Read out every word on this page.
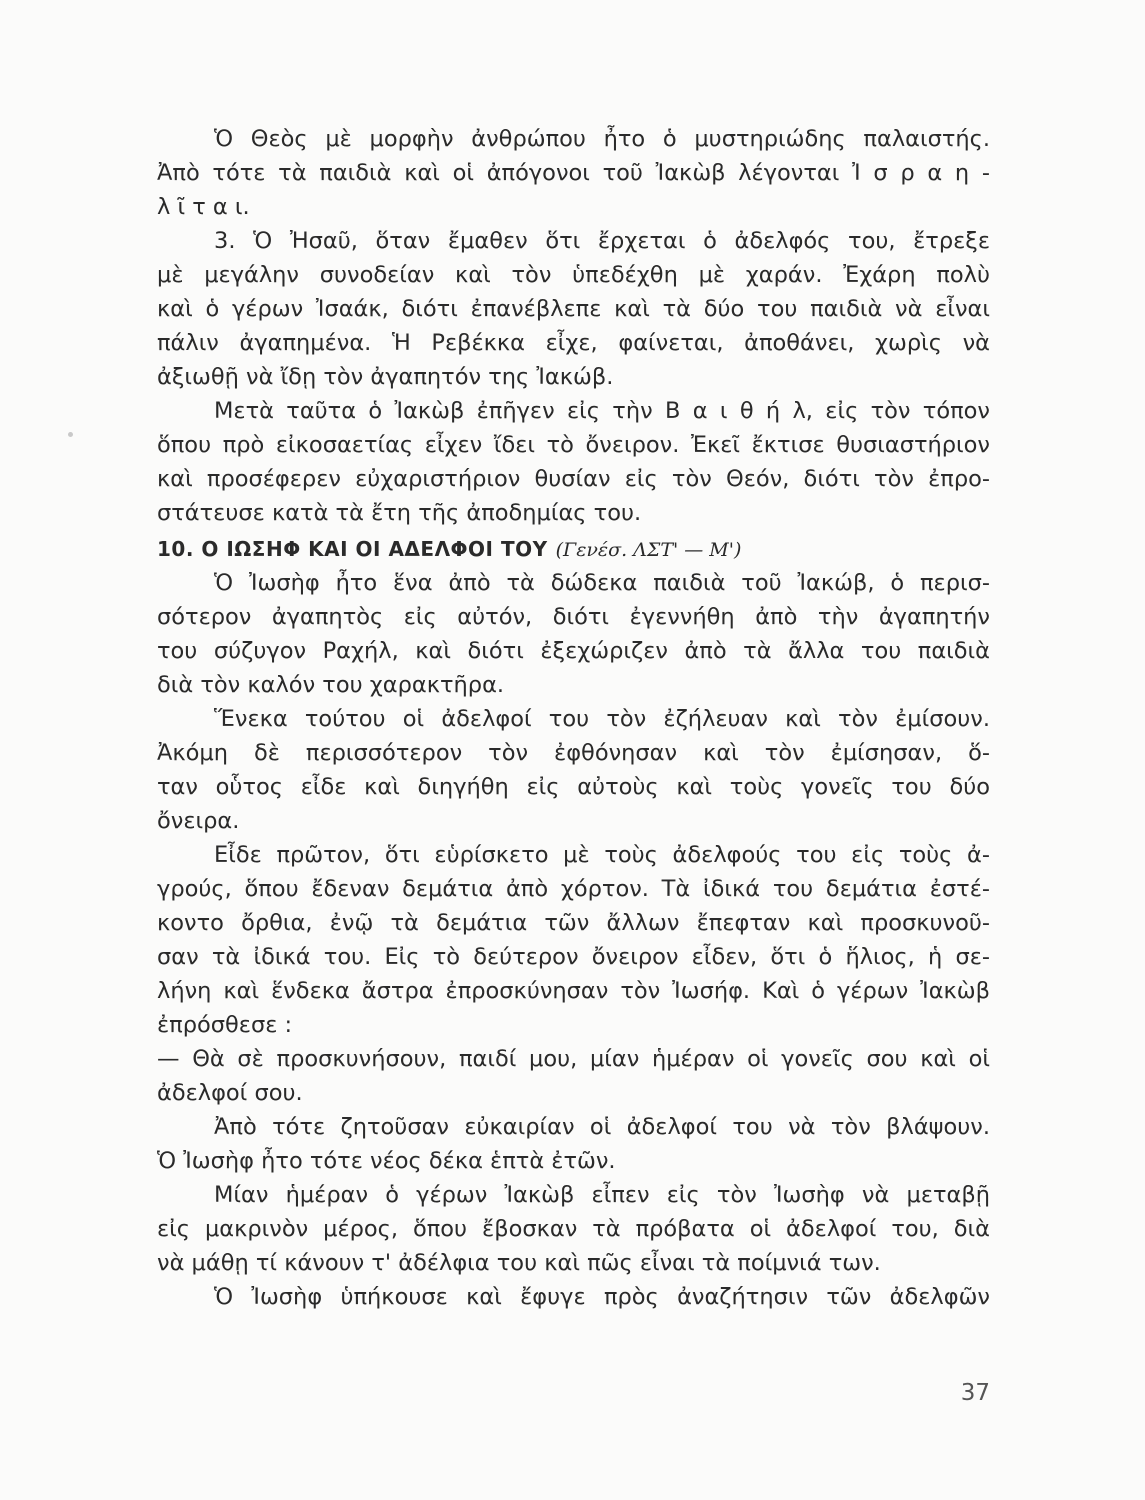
Ὁ Θεὸς μὲ μορφὴν ἀνθρώπου ἦτο ὁ μυστηριώδης παλαιστής.
Ἀπὸ τότε τὰ παιδιὰ καὶ οἱ ἀπόγονοι τοῦ Ἰακὼβ λέγονται Ἰ σ ρ α η -
λ ῖ τ α ι.
3. Ὁ Ἠσαῦ, ὅταν ἔμαθεν ὅτι ἔρχεται ὁ ἀδελφός του, ἔτρεξε
μὲ μεγάλην συνοδείαν καὶ τὸν ὑπεδέχθη μὲ χαράν. Ἐχάρη πολὺ
καὶ ὁ γέρων Ἰσαάκ, διότι ἐπανέβλεπε καὶ τὰ δύο του παιδιὰ νὰ εἶναι
πάλιν ἀγαπημένα. Ἡ Ρεβέκκα εἶχε, φαίνεται, ἀποθάνει, χωρὶς νὰ
ἀξιωθῇ νὰ ἴδῃ τὸν ἀγαπητόν της Ἰακώβ.
Μετὰ ταῦτα ὁ Ἰακὼβ ἐπῆγεν εἰς τὴν Β α ι θ ή λ, εἰς τὸν τόπον
ὅπου πρὸ εἰκοσαετίας εἶχεν ἴδει τὸ ὄνειρον. Ἐκεῖ ἔκτισε θυσιαστήριον
καὶ προσέφερεν εὐχαριστήριον θυσίαν εἰς τὸν Θεόν, διότι τὸν ἐπρο-
στάτευσε κατὰ τὰ ἔτη τῆς ἀποδημίας του.
10. Ο ΙΩΣΗΦ ΚΑΙ ΟΙ ΑΔΕΛΦΟΙ ΤΟΥ (Γενέσ. ΛΣΤ' — Μ')
Ὁ Ἰωσὴφ ἦτο ἕνα ἀπὸ τὰ δώδεκα παιδιὰ τοῦ Ἰακώβ, ὁ περισ-
σότερον ἀγαπητὸς εἰς αὐτόν, διότι ἐγεννήθη ἀπὸ τὴν ἀγαπητήν
του σύζυγον Ραχήλ, καὶ διότι ἐξεχώριζεν ἀπὸ τὰ ἄλλα του παιδιὰ
διὰ τὸν καλόν του χαρακτῆρα.
Ἕνεκα τούτου οἱ ἀδελφοί του τὸν ἐζήλευαν καὶ τὸν ἐμίσουν.
Ἀκόμη δὲ περισσότερον τὸν ἐφθόνησαν καὶ τὸν ἐμίσησαν, ὅ-
ταν οὗτος εἶδε καὶ διηγήθη εἰς αὐτοὺς καὶ τοὺς γονεῖς του δύο
ὄνειρα.
Εἶδε πρῶτον, ὅτι εὑρίσκετο μὲ τοὺς ἀδελφούς του εἰς τοὺς ἀ-
γρούς, ὅπου ἔδεναν δεμάτια ἀπὸ χόρτον. Τὰ ἰδικά του δεμάτια ἐστέ-
κοντο ὄρθια, ἐνῷ τὰ δεμάτια τῶν ἄλλων ἔπεφταν καὶ προσκυνοῦ-
σαν τὰ ἰδικά του. Εἰς τὸ δεύτερον ὄνειρον εἶδεν, ὅτι ὁ ἥλιος, ἡ σε-
λήνη καὶ ἕνδεκα ἄστρα ἐπροσκύνησαν τὸν Ἰωσήφ. Καὶ ὁ γέρων Ἰακὼβ
ἐπρόσθεσε :
— Θὰ σὲ προσκυνήσουν, παιδί μου, μίαν ἡμέραν οἱ γονεῖς σου καὶ οἱ
ἀδελφοί σου.
Ἀπὸ τότε ζητοῦσαν εὐκαιρίαν οἱ ἀδελφοί του νὰ τὸν βλάψουν.
Ὁ Ἰωσὴφ ἦτο τότε νέος δέκα ἑπτὰ ἐτῶν.
Μίαν ἡμέραν ὁ γέρων Ἰακὼβ εἶπεν εἰς τὸν Ἰωσὴφ νὰ μεταβῇ
εἰς μακρινὸν μέρος, ὅπου ἔβοσκαν τὰ πρόβατα οἱ ἀδελφοί του, διὰ
νὰ μάθῃ τί κάνουν τ' ἀδέλφια του καὶ πῶς εἶναι τὰ ποίμνιά των.
Ὁ Ἰωσὴφ ὑπήκουσε καὶ ἔφυγε πρὸς ἀναζήτησιν τῶν ἀδελφῶν
37
